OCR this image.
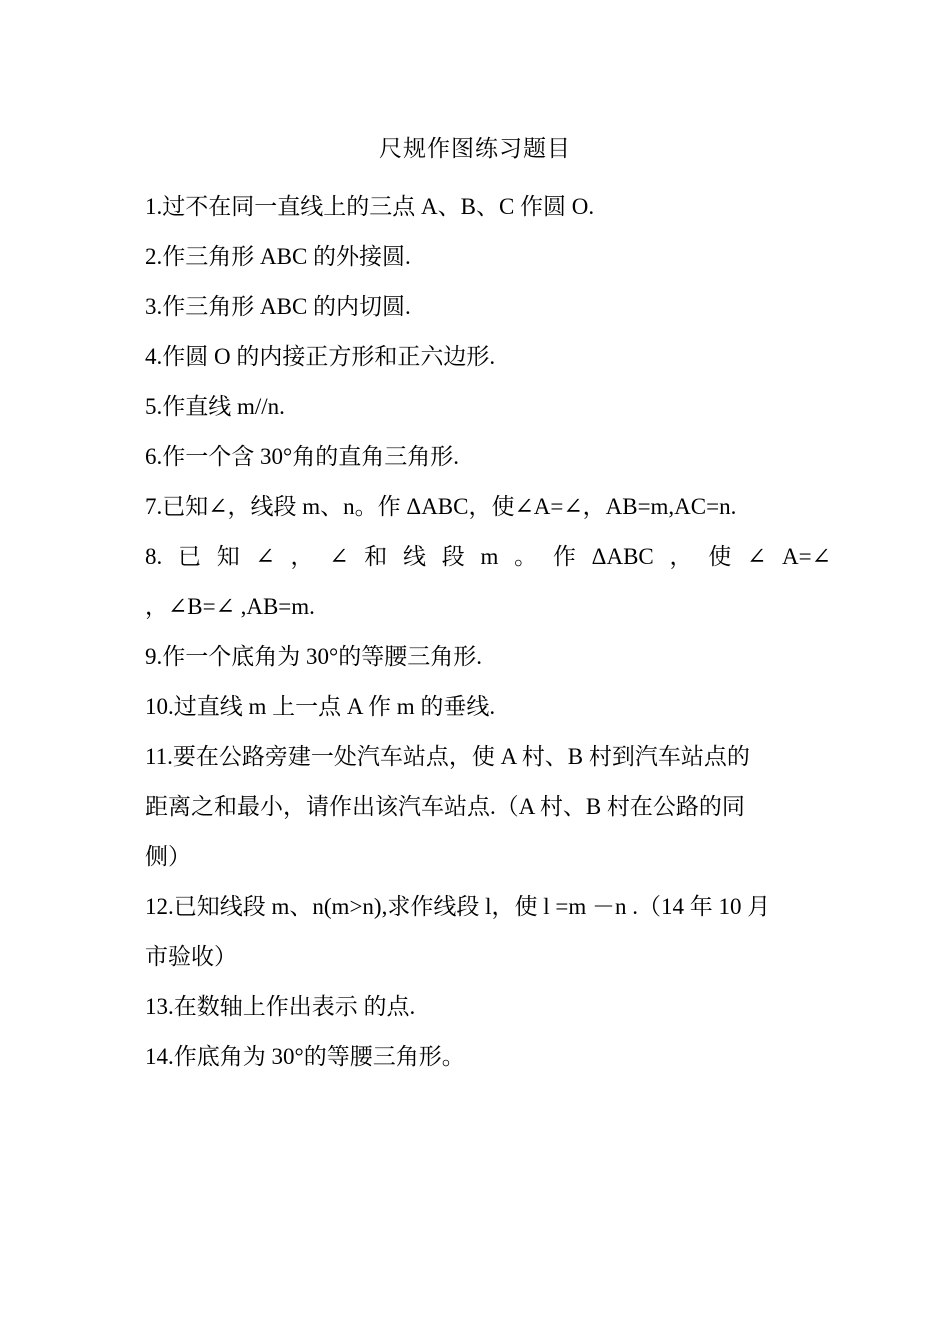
尺规作图练习题目
1.过不在同一直线上的三点 A、B、C 作圆 O.
2.作三角形 ABC 的外接圆.
3.作三角形 ABC 的内切圆.
4.作圆 O 的内接正方形和正六边形.
5.作直线 m//n.
6.作一个含 30°角的直角三角形.
7.已知∠，线段 m、n。作 ΔABC，使∠A=∠，AB=m,AC=n.
8. 已 知 ∠ ， ∠ 和 线 段 m 。 作 ΔABC ， 使 ∠ A=∠
，∠B=∠ ,AB=m.
9.作一个底角为 30°的等腰三角形.
10.过直线 m 上一点 A 作 m 的垂线.
11.要在公路旁建一处汽车站点，使 A 村、B 村到汽车站点的
距离之和最小，请作出该汽车站点.（A 村、B 村在公路的同
侧）
12.已知线段 m、n(m>n),求作线段 l，使 l =m －n .（14 年 10 月
市验收）
13.在数轴上作出表示 的点.
14.作底角为 30°的等腰三角形。
